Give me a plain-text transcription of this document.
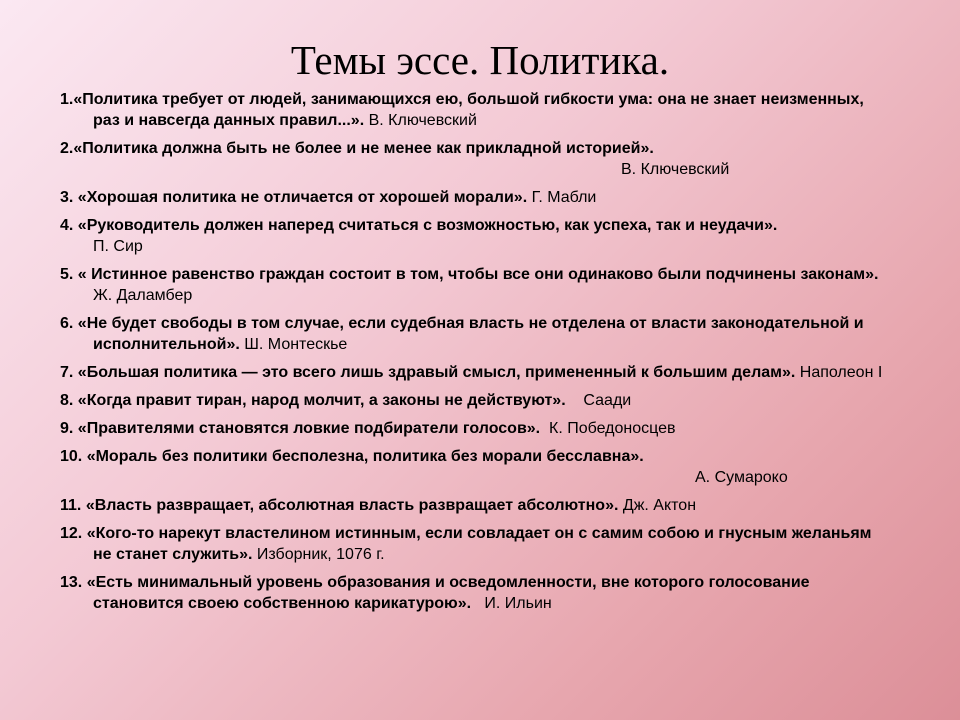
Темы эссе. Политика.
1.«Политика требует от людей, занимающихся ею, большой гибкости ума: она не знает неизменных, раз и навсегда данных правил...». В. Ключевский
2.«Политика должна быть не более и не менее как прикладной историей».
В. Ключевский
3. «Хорошая политика не отличается от хорошей морали». Г. Мабли
4. «Руководитель должен наперед считаться с возможностью, как успеха, так и неудачи».
П. Сир
5. « Истинное равенство граждан состоит в том, чтобы все они одинаково были подчинены законам». Ж. Даламбер
6. «Не будет свободы в том случае, если судебная власть не отделена от власти законодательной и исполнительной». Ш. Монтескье
7. «Большая политика — это всего лишь здравый смысл, примененный к большим делам». Наполеон I
8. «Когда правит тиран, народ молчит, а законы не действуют». Саади
9. «Правителями становятся ловкие подбиратели голосов». К. Победоносцев
10. «Мораль без политики бесполезна, политика без морали бесславна».
А. Сумароко
11. «Власть развращает, абсолютная власть развращает абсолютно». Дж. Актон
12. «Кого-то нарекут властелином истинным, если совладает он с самим собою и гнусным желаньям не станет служить». Изборник, 1076 г.
13. «Есть минимальный уровень образования и осведомленности, вне которого голосование становится своею собственною карикатурою». И. Ильин
